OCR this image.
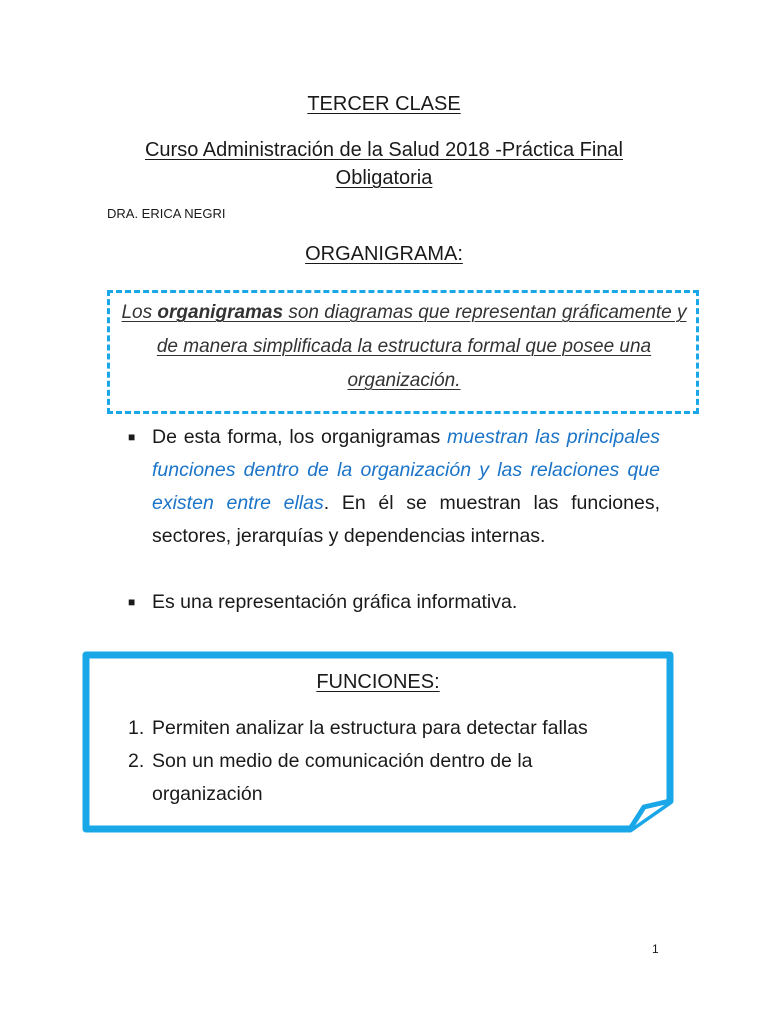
TERCER CLASE
Curso Administración de la Salud 2018 -Práctica Final
Obligatoria
DRA. ERICA NEGRI
ORGANIGRAMA:
Los organigramas son diagramas que representan gráficamente y de manera simplificada la estructura formal que posee una organización.
■ De esta forma, los organigramas muestran las principales funciones dentro de la organización y las relaciones que existen entre ellas. En él se muestran las funciones, sectores, jerarquías y dependencias internas.
■ Es una representación gráfica informativa.
FUNCIONES:
1. Permiten analizar la estructura para detectar fallas
2. Son un medio de comunicación dentro de la organización
1
